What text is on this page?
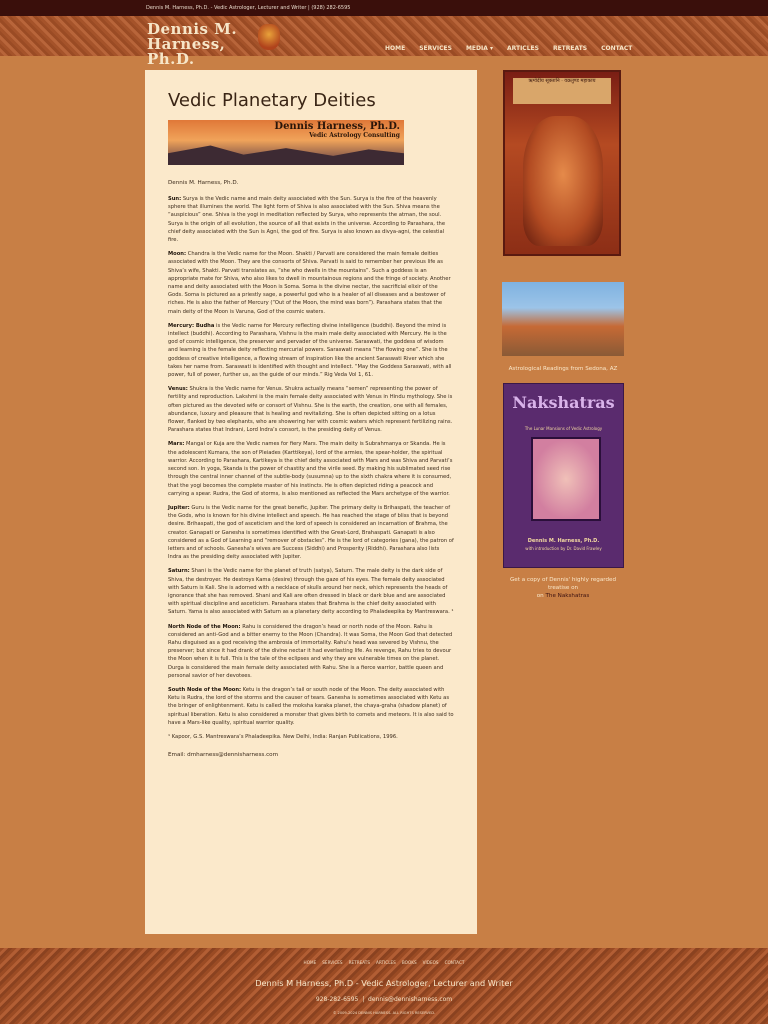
Dennis M. Harness, Ph.D. - Vedic Astrologer, Lecturer and Writer | (928) 282-6595
Dennis M.
Harness, Ph.D.
HOME SERVICES MEDIA ▾ ARTICLES RETREATS CONTACT
Vedic Planetary Deities
Dennis Harness, Ph.D.
Vedic Astrology Consulting

Dennis M. Harness, Ph.D.

Sun: Surya is the Vedic name and main deity associated with the Sun. Surya is the fire of the heavenly sphere that illumines the world. The light form of Shiva is also associated with the Sun. Shiva means the “auspicious” one. Shiva is the yogi in meditation reflected by Surya, who represents the atman, the soul. Surya is the origin of all evolution, the source of all that exists in the universe. According to Parashara, the chief deity associated with the Sun is Agni, the god of fire. Surya is also known as divya-agni, the celestial fire.

Moon: Chandra is the Vedic name for the Moon. Shakti / Parvati are considered the main female deities associated with the Moon. They are the consorts of Shiva. Parvati is said to remember her previous life as Shiva’s wife, Shakti. Parvati translates as, “she who dwells in the mountains”. Such a goddess is an appropriate mate for Shiva, who also likes to dwell in mountainous regions and the fringe of society. Another name and deity associated with the Moon is Soma. Soma is the divine nectar, the sacrificial elixir of the Gods. Soma is pictured as a priestly sage, a powerful god who is a healer of all diseases and a bestower of riches. He is also the father of Mercury (“Out of the Moon, the mind was born”). Parashara states that the main deity of the Moon is Varuna, God of the cosmic waters.

Mercury: Budha is the Vedic name for Mercury reflecting divine intelligence (buddhi). Beyond the mind is intellect (buddhi). According to Parashara, Vishnu is the main male deity associated with Mercury. He is the god of cosmic intelligence, the preserver and pervader of the universe. Saraswati, the goddess of wisdom and learning is the female deity reflecting mercurial powers. Saraswati means “the flowing one”. She is the goddess of creative intelligence, a flowing stream of inspiration like the ancient Saraswati River which she takes her name from. Saraswati is identified with thought and intellect. “May the Goddess Saraswati, with all power, full of power, further us, as the guide of our minds.” Rig Veda Vol 1, 61.

Venus: Shukra is the Vedic name for Venus. Shukra actually means “semen” representing the power of fertility and reproduction. Lakshmi is the main female deity associated with Venus in Hindu mythology. She is often pictured as the devoted wife or consort of Vishnu. She is the earth, the creation, one with all females, abundance, luxury and pleasure that is healing and revitalizing. She is often depicted sitting on a lotus flower, flanked by two elephants, who are showering her with cosmic waters which represent fertilizing rains. Parashara states that Indrani, Lord Indra’s consort, is the presiding deity of Venus.

Mars: Mangal or Kuja are the Vedic names for fiery Mars. The main deity is Subrahmanya or Skanda. He is the adolescent Kumara, the son of Pleiades (Karttikeya), lord of the armies, the spear-holder, the spiritual warrior. According to Parashara, Kartikeya is the chief deity associated with Mars and was Shiva and Parvati’s second son. In yoga, Skanda is the power of chastity and the virile seed. By making his sublimated seed rise through the central inner channel of the subtle-body (susumna) up to the sixth chakra where it is consumed, that the yogi becomes the complete master of his instincts. He is often depicted riding a peacock and carrying a spear. Rudra, the God of storms, is also mentioned as reflected the Mars archetype of the warrior.

Jupiter: Guru is the Vedic name for the great benefic, Jupiter. The primary deity is Brihaspati, the teacher of the Gods, who is known for his divine intellect and speech. He has reached the stage of bliss that is beyond desire. Brihaspati, the god of asceticism and the lord of speech is considered an incarnation of Brahma, the creator. Ganapati or Ganesha is sometimes identified with the Great-Lord, Brahaspati. Ganapati is also considered as a God of Learning and “remover of obstacles”. He is the lord of categories (gana), the patron of letters and of schools. Ganesha’s wives are Success (Siddhi) and Prosperity (Riddhi). Parashara also lists Indra as the presiding deity associated with Jupiter.

Saturn: Shani is the Vedic name for the planet of truth (satya), Saturn. The male deity is the dark side of Shiva, the destroyer. He destroys Kama (desire) through the gaze of his eyes. The female deity associated with Saturn is Kali. She is adorned with a necklace of skulls around her neck, which represents the heads of ignorance that she has removed. Shani and Kali are often dressed in black or dark blue and are associated with spiritual discipline and asceticism. Parashara states that Brahma is the chief deity associated with Saturn. Yama is also associated with Saturn as a planetary deity according to Phaladeepika by Mantreswara. ¹

North Node of the Moon: Rahu is considered the dragon’s head or north node of the Moon. Rahu is considered an anti-God and a bitter enemy to the Moon (Chandra). It was Soma, the Moon God that detected Rahu disguised as a god receiving the ambrosia of immortality. Rahu’s head was severed by Vishnu, the preserver; but since it had drank of the divine nectar it had everlasting life. As revenge, Rahu tries to devour the Moon when it is full. This is the tale of the eclipses and why they are vulnerable times on the planet. Durga is considered the main female deity associated with Rahu. She is a fierce warrior, battle queen and personal savior of her devotees.

South Node of the Moon: Ketu is the dragon’s tail or south node of the Moon. The deity associated with Ketu is Rudra, the lord of the storms and the causer of tears. Ganesha is sometimes associated with Ketu as the bringer of enlightenment. Ketu is called the moksha karaka planet, the chaya-graha (shadow planet) of spiritual liberation. Ketu is also considered a monster that gives birth to comets and meteors. It is also said to have a Mars-like quality, spiritual warrior quality.

¹ Kapoor, G.S. Mantreswara’s Phaladeepika. New Delhi, India: Ranjan Publications, 1996.

Email: dmharness@dennisharness.com

ऋग्वेदीय सूक्तानि · वक्रतुण्ड महाकाय
Astrological Readings from Sedona, AZ
Nakshatras
The Lunar Mansions of Vedic Astrology
Dennis M. Harness, Ph.D.
with introduction by Dr. David Frawley
Get a copy of Dennis' highly regarded treatise on
on The Nakshatras
HOME SERVICES RETREATS ARTICLES BOOKS VIDEOS CONTACT
Dennis M Harness, Ph.D - Vedic Astrologer, Lecturer and Writer
928-282-6595 | dennis@dennisharness.com
© 2009-2024 DENNIS HARNESS. ALL RIGHTS RESERVED.
